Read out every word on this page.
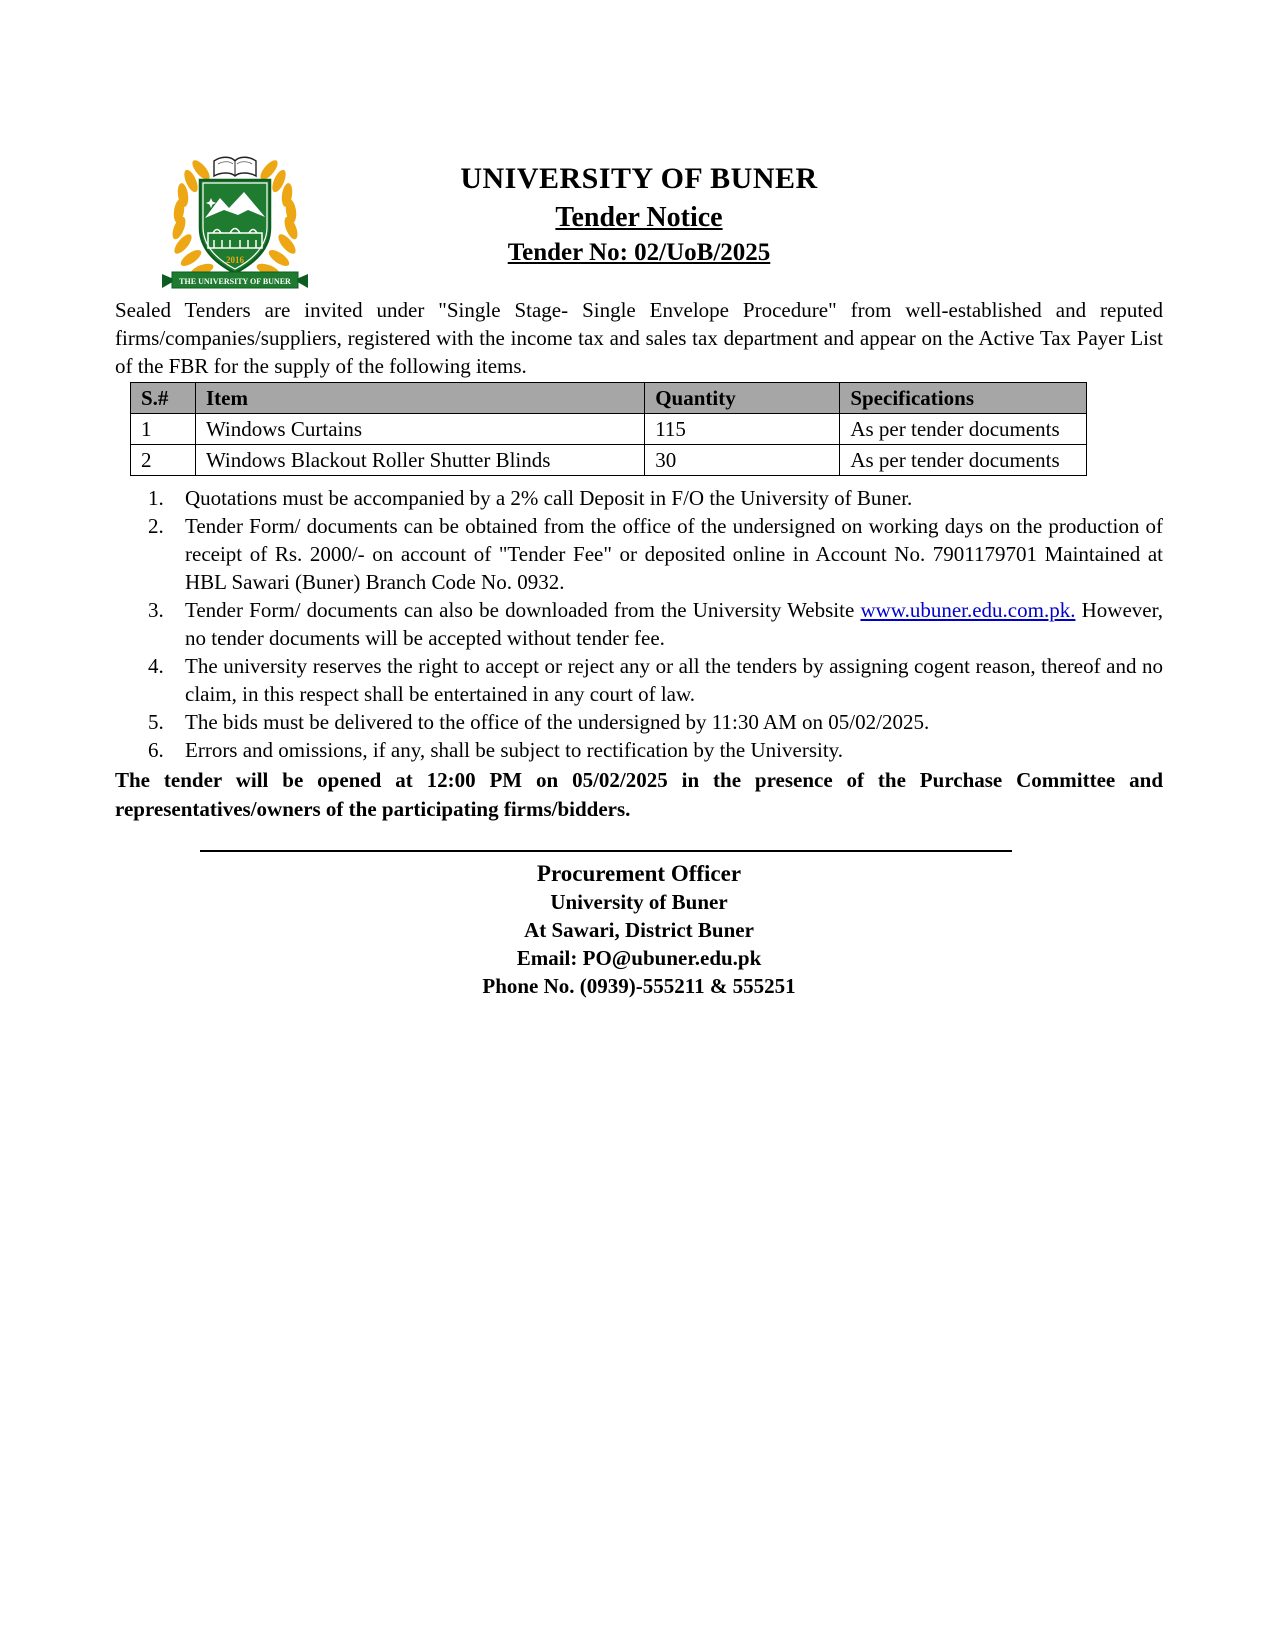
2016
THE UNIVERSITY OF BUNER
UNIVERSITY OF BUNER
Tender Notice
Tender No: 02/UoB/2025

Sealed Tenders are invited under "Single Stage- Single Envelope Procedure" from well-established and reputed firms/companies/suppliers, registered with the income tax and sales tax department and appear on the Active Tax Payer List of the FBR for the supply of the following items.

S.#	Item	Quantity	Specifications
1	Windows Curtains	115	As per tender documents
2	Windows Blackout Roller Shutter Blinds	30	As per tender documents
1.	Quotations must be accompanied by a 2% call Deposit in F/O the University of Buner.
2.	Tender Form/ documents can be obtained from the office of the undersigned on working days on the production of receipt of Rs. 2000/- on account of "Tender Fee" or deposited online in Account No. 7901179701 Maintained at HBL Sawari (Buner) Branch Code No. 0932.
3.	Tender Form/ documents can also be downloaded from the University Website www.ubuner.edu.com.pk. However, no tender documents will be accepted without tender fee.
4.	The university reserves the right to accept or reject any or all the tenders by assigning cogent reason, thereof and no claim, in this respect shall be entertained in any court of law.
5.	The bids must be delivered to the office of the undersigned by 11:30 AM on 05/02/2025.
6.	Errors and omissions, if any, shall be subject to rectification by the University.

The tender will be opened at 12:00 PM on 05/02/2025 in the presence of the Purchase Committee and representatives/owners of the participating firms/bidders.

Procurement Officer
University of Buner
At Sawari, District Buner
Email: PO@ubuner.edu.pk
Phone No. (0939)-555211 & 555251
